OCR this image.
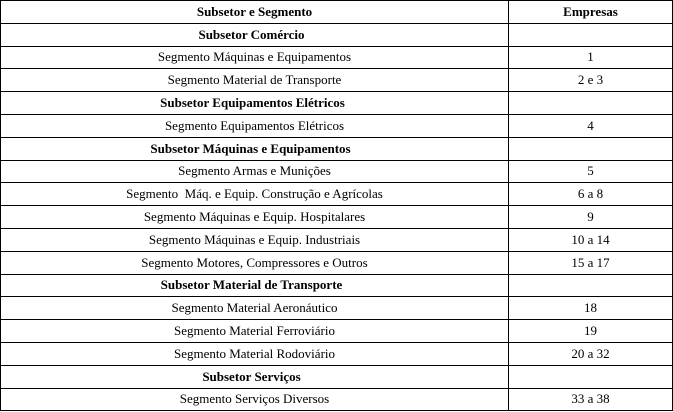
Subsetor e Segmento	Empresas
Subsetor Comércio	
Segmento Máquinas e Equipamentos	1
Segmento Material de Transporte	2 e 3
Subsetor Equipamentos Elétricos	
Segmento Equipamentos Elétricos	4
Subsetor Máquinas e Equipamentos	
Segmento Armas e Munições	5
Segmento  Máq. e Equip. Construção e Agrícolas	6 a 8
Segmento Máquinas e Equip. Hospitalares	9
Segmento Máquinas e Equip. Industriais	10 a 14
Segmento Motores, Compressores e Outros	15 a 17
Subsetor Material de Transporte	
Segmento Material Aeronáutico	18
Segmento Material Ferroviário	19
Segmento Material Rodoviário	20 a 32
Subsetor Serviços	
Segmento Serviços Diversos	33 a 38
